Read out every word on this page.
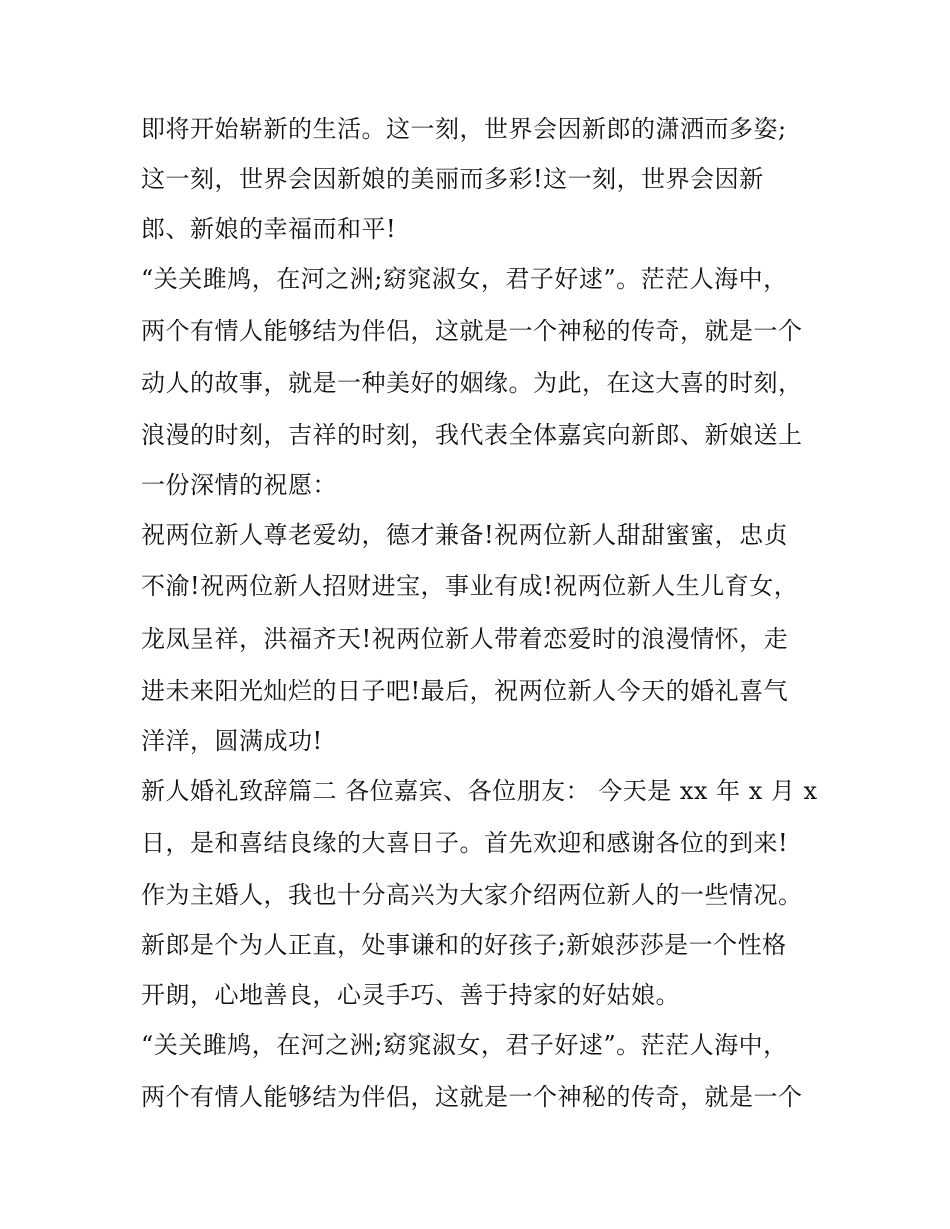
即将开始崭新的生活。这一刻，世界会因新郎的潇洒而多姿;
这一刻，世界会因新娘的美丽而多彩!这一刻，世界会因新
郎、新娘的幸福而和平!
“关关雎鸠，在河之洲;窈窕淑女，君子好逑”。茫茫人海中，
两个有情人能够结为伴侣，这就是一个神秘的传奇，就是一个
动人的故事，就是一种美好的姻缘。为此，在这大喜的时刻，
浪漫的时刻，吉祥的时刻，我代表全体嘉宾向新郎、新娘送上
一份深情的祝愿：
祝两位新人尊老爱幼，德才兼备!祝两位新人甜甜蜜蜜，忠贞
不渝!祝两位新人招财进宝，事业有成!祝两位新人生儿育女，
龙凤呈祥，洪福齐天!祝两位新人带着恋爱时的浪漫情怀，走
进未来阳光灿烂的日子吧!最后，祝两位新人今天的婚礼喜气
洋洋，圆满成功!
新人婚礼致辞篇二 各位嘉宾、各位朋友： 今天是 xx 年 x 月 x
日，是和喜结良缘的大喜日子。首先欢迎和感谢各位的到来!
作为主婚人，我也十分高兴为大家介绍两位新人的一些情况。
新郎是个为人正直，处事谦和的好孩子;新娘莎莎是一个性格
开朗，心地善良，心灵手巧、善于持家的好姑娘。
“关关雎鸠，在河之洲;窈窕淑女，君子好逑”。茫茫人海中，
两个有情人能够结为伴侣，这就是一个神秘的传奇，就是一个
